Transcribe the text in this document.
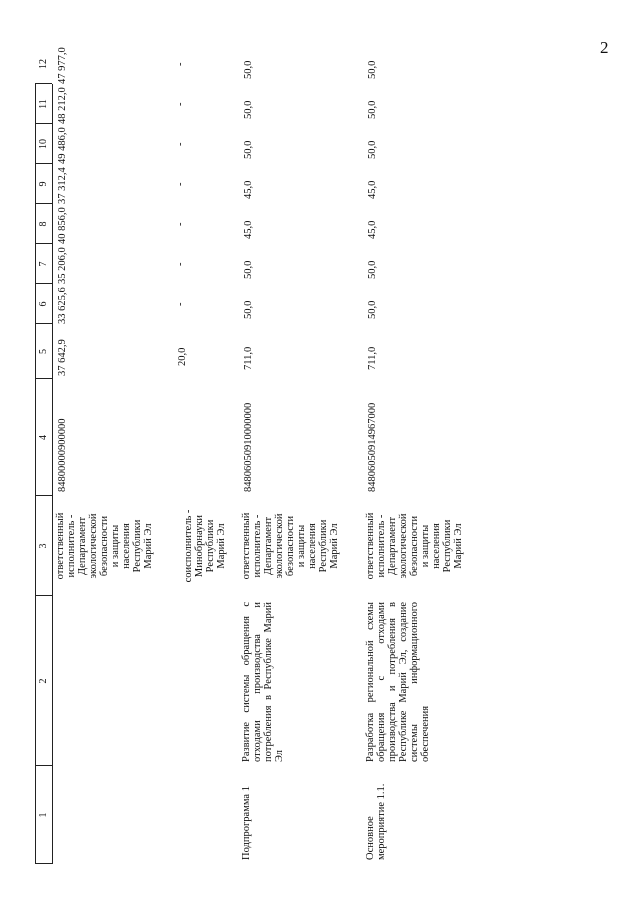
2
1
2
3
4
5
6
7
8
9
10
11
12
ответственный
исполнитель -
Департамент
экологической
безопасности
и защиты
населения
Республики
Марий Эл
84800000900000
37 642,9
33 625,6
35 206,0
40 856,0
37 312,4
49 486,0
48 212,0
47 977,0
соисполнитель -
Минобрнауки
Республики
Марий Эл
20,0
-
-
-
-
-
-
-
Подпрограмма 1
Развитие системы обращения с отходами производства и потребления в Республике Марий Эл
ответственный
исполнитель -
Департамент
экологической
безопасности
и защиты
населения
Республики
Марий Эл
84806050910000000
711,0
50,0
50,0
45,0
45,0
50,0
50,0
50,0
Основное мероприятие 1.1.
Разработка региональной схемы обращения с отходами производства и потребления в Республике Марий Эл, создание системы информационного обеспечения
ответственный
исполнитель -
Департамент
экологической
безопасности
и защиты
населения
Республики
Марий Эл
84806050914967000
711,0
50,0
50,0
45,0
45,0
50,0
50,0
50,0
